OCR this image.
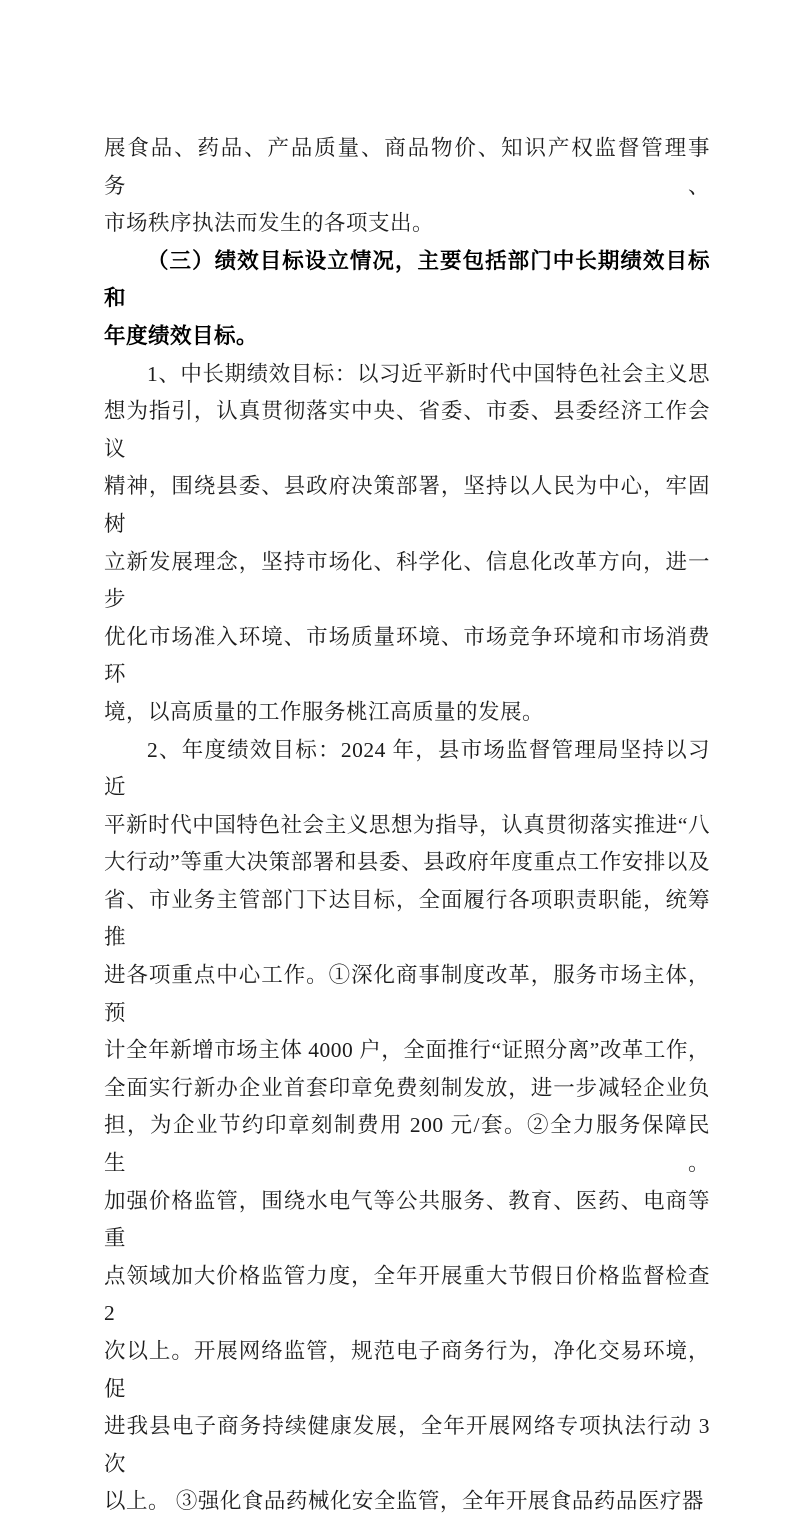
展食品、药品、产品质量、商品物价、知识产权监督管理事务、
市场秩序执法而发生的各项支出。
（三）绩效目标设立情况，主要包括部门中长期绩效目标和
年度绩效目标。
1、中长期绩效目标：以习近平新时代中国特色社会主义思
想为指引，认真贯彻落实中央、省委、市委、县委经济工作会议
精神，围绕县委、县政府决策部署，坚持以人民为中心，牢固树
立新发展理念，坚持市场化、科学化、信息化改革方向，进一步
优化市场准入环境、市场质量环境、市场竞争环境和市场消费环
境，以高质量的工作服务桃江高质量的发展。
2、年度绩效目标：2024 年，县市场监督管理局坚持以习近
平新时代中国特色社会主义思想为指导，认真贯彻落实推进“八
大行动”等重大决策部署和县委、县政府年度重点工作安排以及
省、市业务主管部门下达目标，全面履行各项职责职能，统筹推
进各项重点中心工作。①深化商事制度改革，服务市场主体，预
计全年新增市场主体 4000 户，全面推行“证照分离”改革工作，
全面实行新办企业首套印章免费刻制发放，进一步减轻企业负
担，为企业节约印章刻制费用 200 元/套。②全力服务保障民生。
加强价格监管，围绕水电气等公共服务、教育、医药、电商等重
点领域加大价格监管力度，全年开展重大节假日价格监督检查 2
次以上。开展网络监管，规范电子商务行为，净化交易环境，促
进我县电子商务持续健康发展，全年开展网络专项执法行动 3 次
以上。 ③强化食品药械化安全监管，全年开展食品药品医疗器
